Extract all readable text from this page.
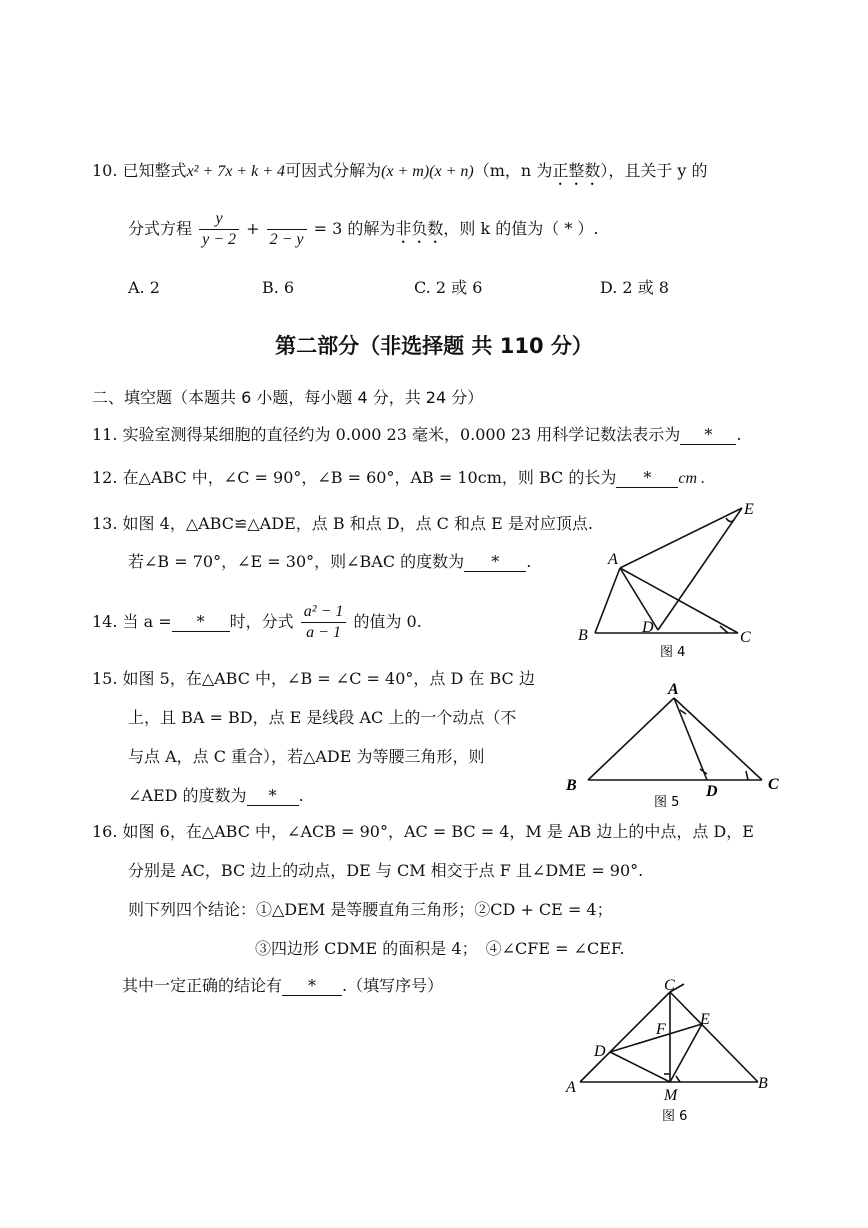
10. 已知整式x² + 7x + k + 4可因式分解为(x + m)(x + n)（m，n 为正整数），且关于 y 的
分式方程 $\frac{y}{y - 2}$ +
2 − y
= 3 的解为非负数，则 k 的值为（ * ）.
A. 2	B. 6	C. 2 或 6	D. 2 或 8
第二部分（非选择题 共 110 分）
二、填空题（本题共 6 小题，每小题 4 分，共 24 分）
11. 实验室测得某细胞的直径约为 0.000 23 毫米，0.000 23 用科学记数法表示为 * .
12. 在△ABC 中，∠C = 90°，∠B = 60°，AB = 10cm，则 BC 的长为 * cm .
13. 如图 4，△ABC≌△ADE，点 B 和点 D，点 C 和点 E 是对应顶点.
若∠B = 70°，∠E = 30°，则∠BAC 的度数为 * .
14. 当 a = * 时，分式 $\frac{\text{a² − 1}}{a - 1}$ 的值为 0.
15. 如图 5，在△ABC 中，∠B = ∠C = 40°，点 D 在 BC 边
上，且 BA = BD，点 E 是线段 AC 上的一个动点（不
与点 A，点 C 重合），若△ADE 为等腰三角形，则
∠AED 的度数为 * .
16. 如图 6，在△ABC 中，∠ACB = 90°，AC = BC = 4，M 是 AB 边上的中点，点 D，E
分别是 AC，BC 边上的动点，DE 与 CM 相交于点 F 且∠DME = 90°.
则下列四个结论：①△DEM 是等腰直角三角形；②CD + CE = 4；
③四边形 CDME 的面积是 4；　④∠CFE = ∠CEF.
其中一定正确的结论有 * .（填写序号）
A
B	C
D
E
图 4
A
B	C
D
图 5
C
A	B
D
E
F
M
图 6
